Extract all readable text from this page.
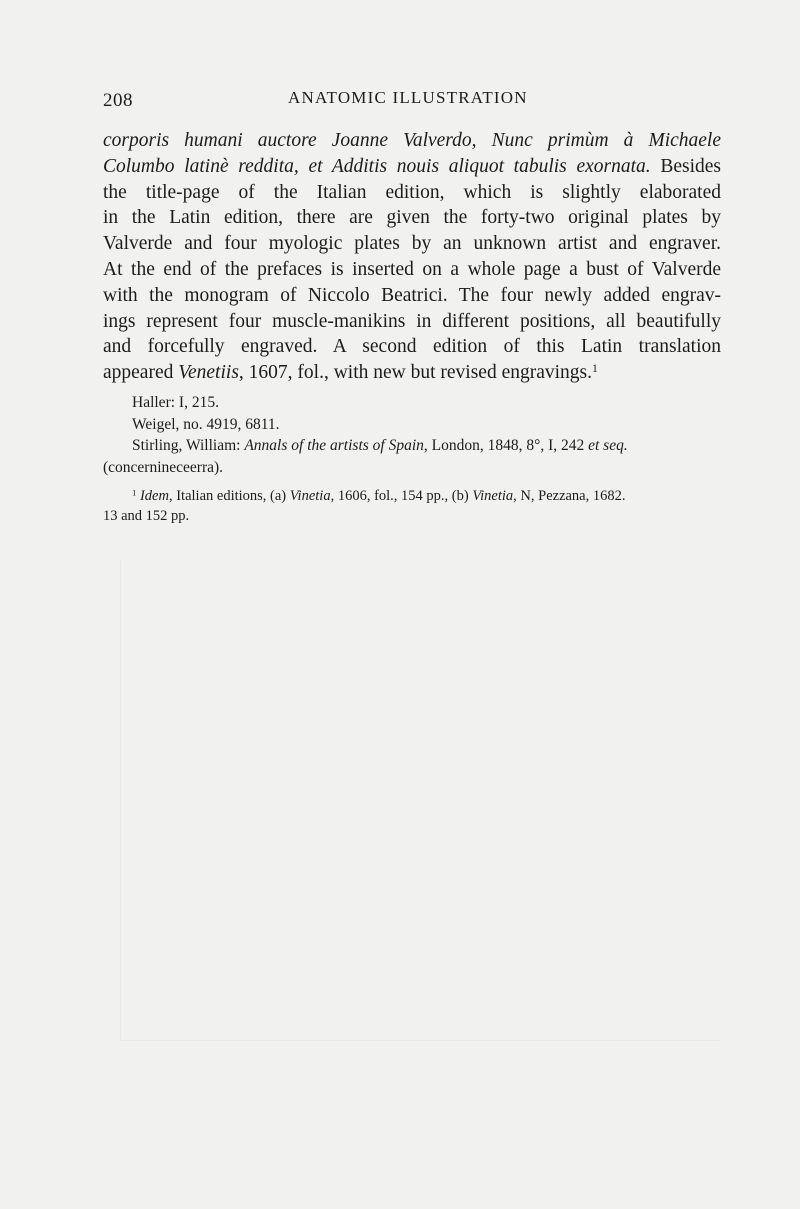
208	ANATOMIC ILLUSTRATION
corporis humani auctore Joanne Valverdo, Nunc primùm à Michaele
Columbo latinè reddita, et Additis nouis aliquot tabulis exornata. Besides
the title-page of the Italian edition, which is slightly elaborated
in the Latin edition, there are given the forty-two original plates by
Valverde and four myologic plates by an unknown artist and engraver.
At the end of the prefaces is inserted on a whole page a bust of Valverde
with the monogram of Niccolo Beatrici. The four newly added engrav-
ings represent four muscle-manikins in different positions, all beautifully
and forcefully engraved. A second edition of this Latin translation
appeared Venetiis, 1607, fol., with new but revised engravings.$^1$
Haller: I, 215.
Weigel, no. 4919, 6811.
Stirling, William: Annals of the artists of Spain, London, 1848, 8°, I, 242 et seq.
(concernineceerra).
$^1$ Idem, Italian editions, (a) Vinetia, 1606, fol., 154 pp., (b) Vinetia, N, Pezzana, 1682.
13 and 152 pp.
